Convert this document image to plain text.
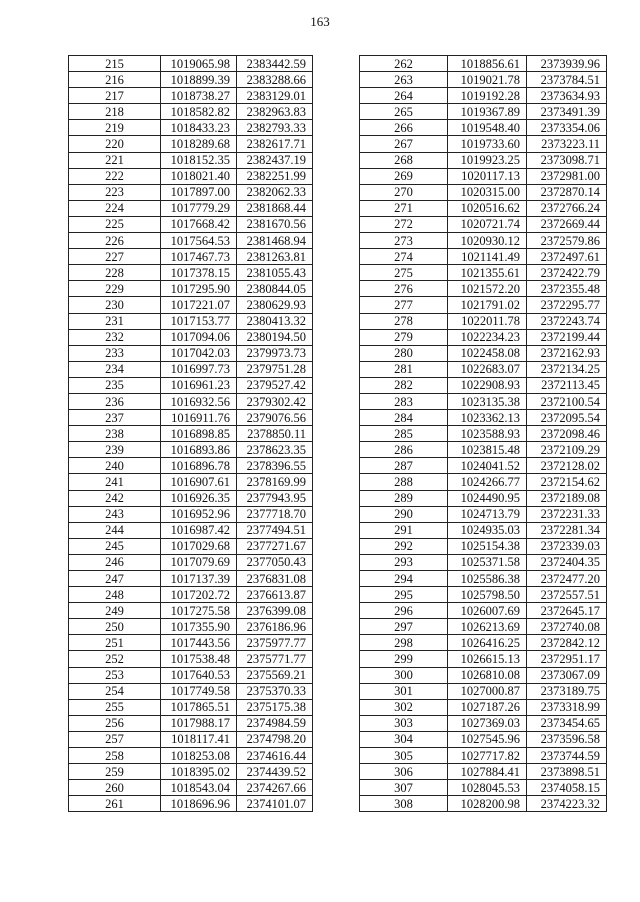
163
215	1019065.98	2383442.59
216	1018899.39	2383288.66
217	1018738.27	2383129.01
218	1018582.82	2382963.83
219	1018433.23	2382793.33
220	1018289.68	2382617.71
221	1018152.35	2382437.19
222	1018021.40	2382251.99
223	1017897.00	2382062.33
224	1017779.29	2381868.44
225	1017668.42	2381670.56
226	1017564.53	2381468.94
227	1017467.73	2381263.81
228	1017378.15	2381055.43
229	1017295.90	2380844.05
230	1017221.07	2380629.93
231	1017153.77	2380413.32
232	1017094.06	2380194.50
233	1017042.03	2379973.73
234	1016997.73	2379751.28
235	1016961.23	2379527.42
236	1016932.56	2379302.42
237	1016911.76	2379076.56
238	1016898.85	2378850.11
239	1016893.86	2378623.35
240	1016896.78	2378396.55
241	1016907.61	2378169.99
242	1016926.35	2377943.95
243	1016952.96	2377718.70
244	1016987.42	2377494.51
245	1017029.68	2377271.67
246	1017079.69	2377050.43
247	1017137.39	2376831.08
248	1017202.72	2376613.87
249	1017275.58	2376399.08
250	1017355.90	2376186.96
251	1017443.56	2375977.77
252	1017538.48	2375771.77
253	1017640.53	2375569.21
254	1017749.58	2375370.33
255	1017865.51	2375175.38
256	1017988.17	2374984.59
257	1018117.41	2374798.20
258	1018253.08	2374616.44
259	1018395.02	2374439.52
260	1018543.04	2374267.66
261	1018696.96	2374101.07
262	1018856.61	2373939.96
263	1019021.78	2373784.51
264	1019192.28	2373634.93
265	1019367.89	2373491.39
266	1019548.40	2373354.06
267	1019733.60	2373223.11
268	1019923.25	2373098.71
269	1020117.13	2372981.00
270	1020315.00	2372870.14
271	1020516.62	2372766.24
272	1020721.74	2372669.44
273	1020930.12	2372579.86
274	1021141.49	2372497.61
275	1021355.61	2372422.79
276	1021572.20	2372355.48
277	1021791.02	2372295.77
278	1022011.78	2372243.74
279	1022234.23	2372199.44
280	1022458.08	2372162.93
281	1022683.07	2372134.25
282	1022908.93	2372113.45
283	1023135.38	2372100.54
284	1023362.13	2372095.54
285	1023588.93	2372098.46
286	1023815.48	2372109.29
287	1024041.52	2372128.02
288	1024266.77	2372154.62
289	1024490.95	2372189.08
290	1024713.79	2372231.33
291	1024935.03	2372281.34
292	1025154.38	2372339.03
293	1025371.58	2372404.35
294	1025586.38	2372477.20
295	1025798.50	2372557.51
296	1026007.69	2372645.17
297	1026213.69	2372740.08
298	1026416.25	2372842.12
299	1026615.13	2372951.17
300	1026810.08	2373067.09
301	1027000.87	2373189.75
302	1027187.26	2373318.99
303	1027369.03	2373454.65
304	1027545.96	2373596.58
305	1027717.82	2373744.59
306	1027884.41	2373898.51
307	1028045.53	2374058.15
308	1028200.98	2374223.32
